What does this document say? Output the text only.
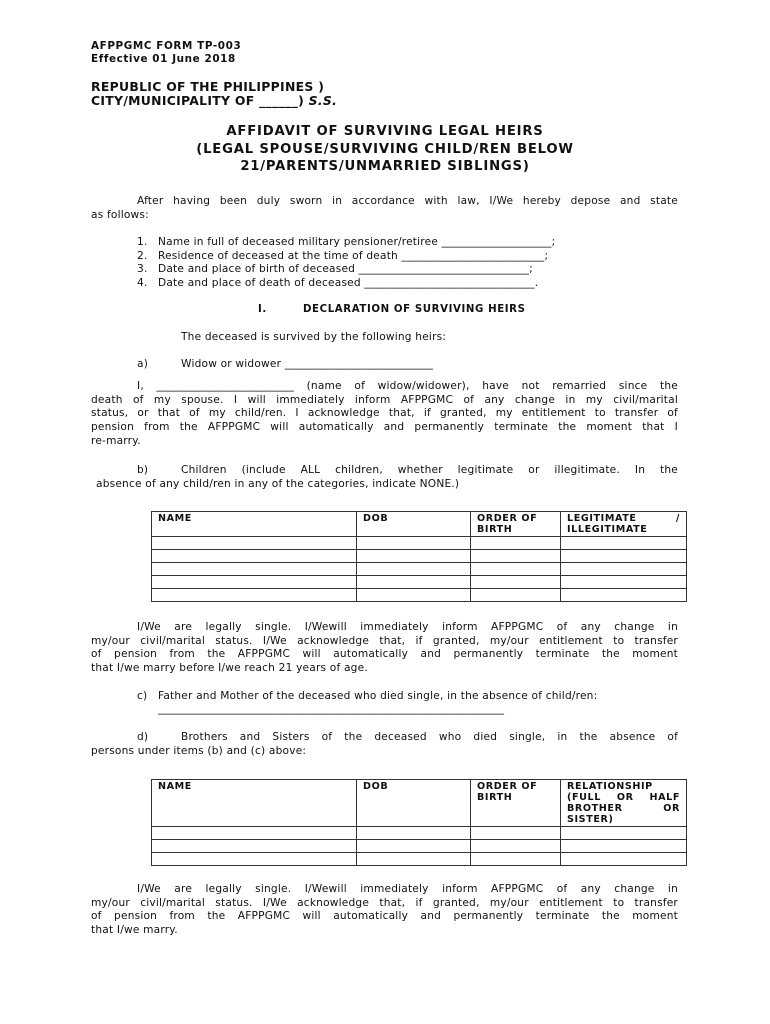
AFPPGMC FORM TP-003
Effective 01 June 2018
REPUBLIC OF THE PHILIPPINES )
CITY/MUNICIPALITY OF ______) S.S.
AFFIDAVIT OF SURVIVING LEGAL HEIRS
(LEGAL SPOUSE/SURVIVING CHILD/REN BELOW
21/PARENTS/UNMARRIED SIBLINGS)
After having been duly sworn in accordance with law, I/We hereby depose and state
as follows:
1. Name in full of deceased military pensioner/retiree ____________________;
2. Residence of deceased at the time of death __________________________;
3. Date and place of birth of deceased _______________________________;
4. Date and place of death of deceased _______________________________.
I.	DECLARATION OF SURVIVING HEIRS
The deceased is survived by the following heirs:
a)	Widow or widower ___________________________
I, _________________________ (name of widow/widower), have not remarried since the
death of my spouse. I will immediately inform AFPPGMC of any change in my civil/marital
status, or that of my child/ren. I acknowledge that, if granted, my entitlement to transfer of
pension from the AFPPGMC will automatically and permanently terminate the moment that I
re-marry.
b)	Children (include ALL children, whether legitimate or illegitimate. In the
absence of any child/ren in any of the categories, indicate NONE.)
NAME	DOB	ORDER OF BIRTH	LEGITIMATE / ILLEGITIMATE

I/We are legally single. I/Wewill immediately inform AFPPGMC of any change in
my/our civil/marital status. I/We acknowledge that, if granted, my/our entitlement to transfer
of pension from the AFPPGMC will automatically and permanently terminate the moment
that I/we marry before I/we reach 21 years of age.
c) Father and Mother of the deceased who died single, in the absence of child/ren:
_______________________________________________________________
d)	Brothers and Sisters of the deceased who died single, in the absence of
persons under items (b) and (c) above:
NAME	DOB	ORDER OF BIRTH	RELATIONSHIP (FULL OR HALF BROTHER OR SISTER)

I/We are legally single. I/Wewill immediately inform AFPPGMC of any change in
my/our civil/marital status. I/We acknowledge that, if granted, my/our entitlement to transfer
of pension from the AFPPGMC will automatically and permanently terminate the moment
that I/we marry.
